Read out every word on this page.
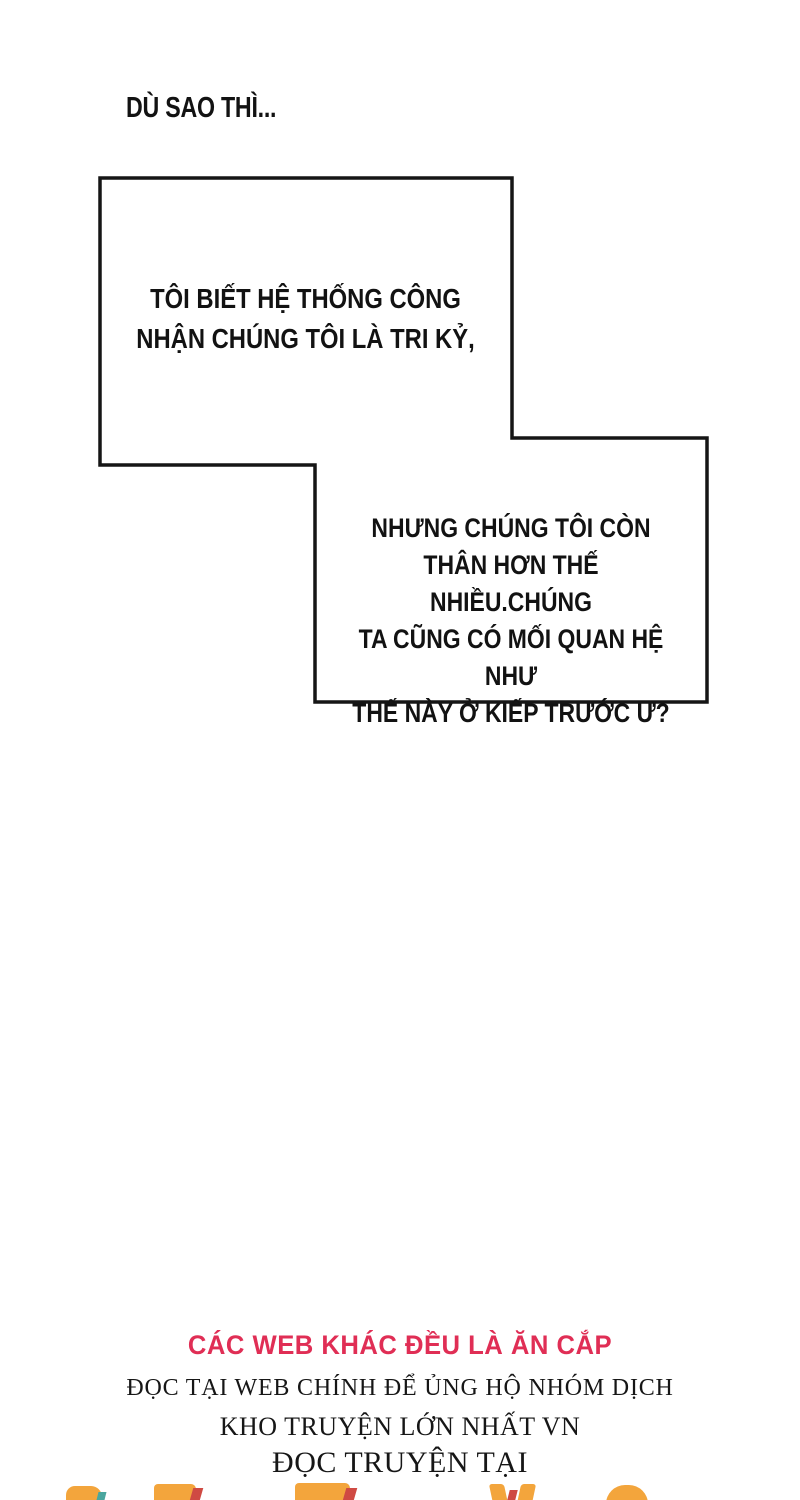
DÙ SAO THÌ...
TÔI BIẾT HỆ THỐNG CÔNG
NHẬN CHÚNG TÔI LÀ TRI KỶ,
NHƯNG CHÚNG TÔI CÒN
THÂN HƠN THẾ NHIỀU.CHÚNG
TA CŨNG CÓ MỐI QUAN HỆ NHƯ
THẾ NÀY Ở KIẾP TRƯỚC Ư?
CÁC WEB KHÁC ĐỀU LÀ ĂN CẮP
ĐỌC TẠI WEB CHÍNH ĐỂ ỦNG HỘ NHÓM DỊCH
KHO TRUYỆN LỚN NHẤT VN
ĐỌC TRUYỆN TẠI
